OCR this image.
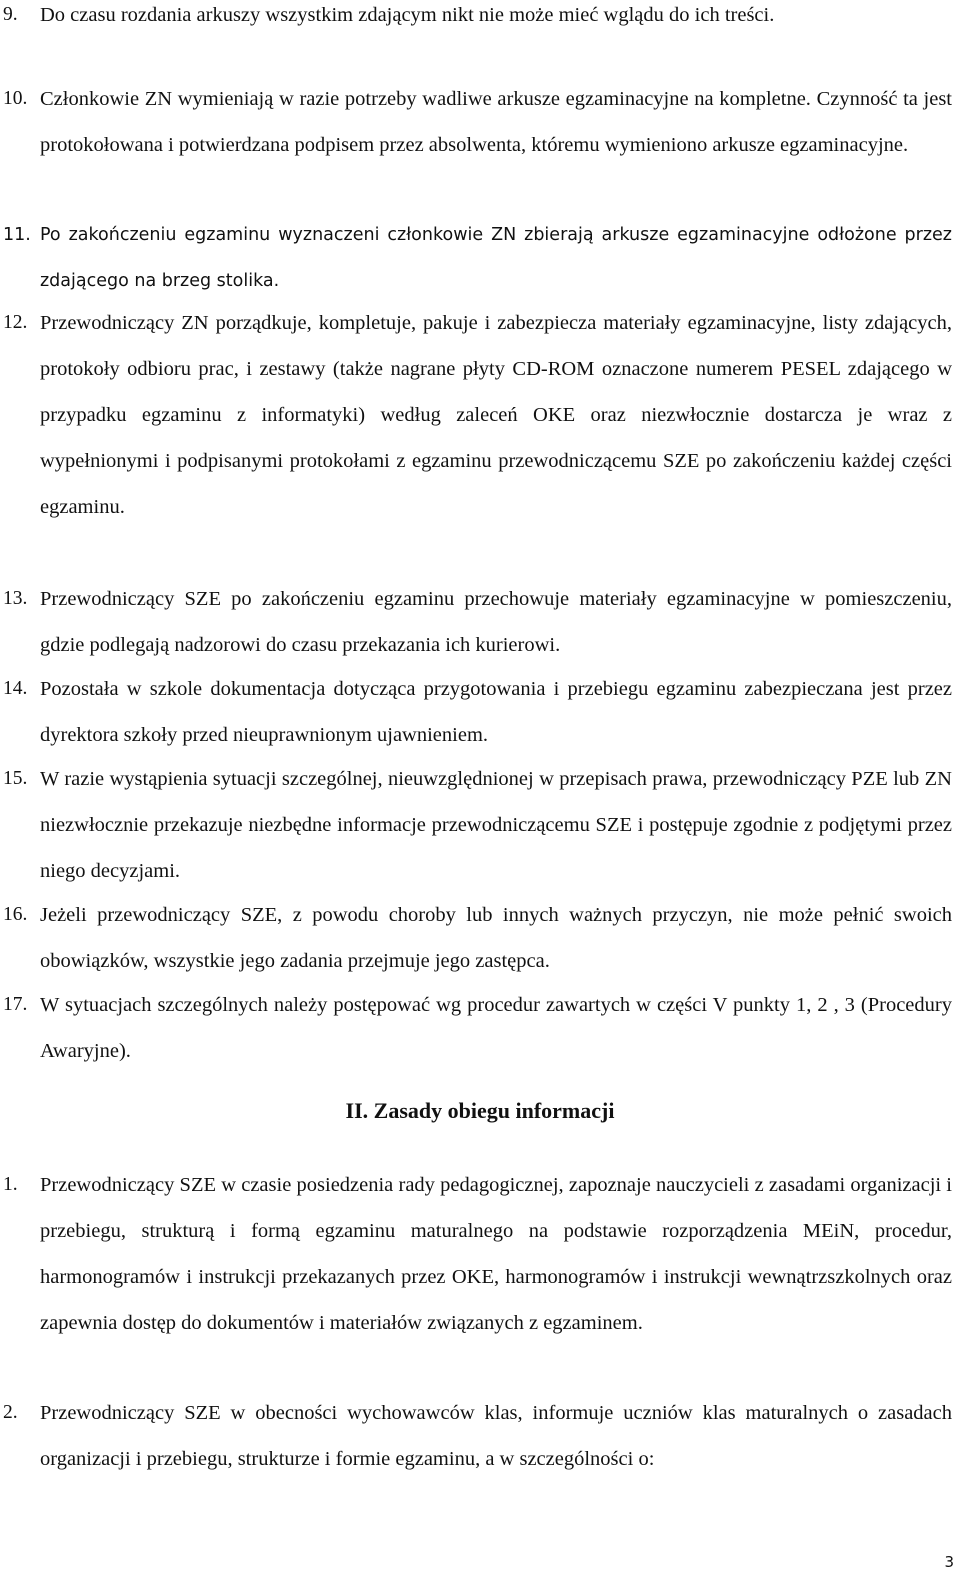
9.	Do czasu rozdania arkuszy wszystkim zdającym nikt nie może mieć wglądu do ich treści.
10. Członkowie ZN wymieniają w razie potrzeby wadliwe arkusze egzaminacyjne na kompletne. Czynność ta jest protokołowana i potwierdzana podpisem przez absolwenta, któremu wymieniono arkusze egzaminacyjne.
11. Po zakończeniu egzaminu wyznaczeni członkowie ZN zbierają arkusze egzaminacyjne odłożone przez zdającego na brzeg stolika.
12. Przewodniczący ZN porządkuje, kompletuje, pakuje i zabezpiecza materiały egzaminacyjne, listy zdających, protokoły odbioru prac, i zestawy (także nagrane płyty CD-ROM oznaczone numerem PESEL zdającego w przypadku egzaminu z informatyki) według zaleceń OKE oraz niezwłocznie dostarcza je wraz z wypełnionymi i podpisanymi protokołami z egzaminu przewodniczącemu SZE po zakończeniu każdej części egzaminu.
13. Przewodniczący SZE po zakończeniu egzaminu przechowuje materiały egzaminacyjne w pomieszczeniu, gdzie podlegają nadzorowi do czasu przekazania ich kurierowi.
14. Pozostała w szkole dokumentacja dotycząca przygotowania i przebiegu egzaminu zabezpieczana jest przez dyrektora szkoły przed nieuprawnionym ujawnieniem.
15. W razie wystąpienia sytuacji szczególnej, nieuwzględnionej w przepisach prawa, przewodniczący PZE lub ZN niezwłocznie przekazuje niezbędne informacje przewodniczącemu SZE i postępuje zgodnie z podjętymi przez niego decyzjami.
16. Jeżeli przewodniczący SZE, z powodu choroby lub innych ważnych przyczyn, nie może pełnić swoich obowiązków, wszystkie jego zadania przejmuje jego zastępca.
17. W sytuacjach szczególnych należy postępować wg procedur zawartych w części V punkty 1, 2 , 3 (Procedury Awaryjne).
II. Zasady obiegu informacji
1.	Przewodniczący SZE w czasie posiedzenia rady pedagogicznej, zapoznaje nauczycieli z zasadami organizacji i przebiegu, strukturą i formą egzaminu maturalnego na podstawie rozporządzenia MEiN, procedur, harmonogramów i instrukcji przekazanych przez OKE, harmonogramów i instrukcji wewnątrzszkolnych oraz zapewnia dostęp do dokumentów i materiałów związanych z egzaminem.
2.	Przewodniczący SZE w obecności wychowawców klas, informuje uczniów klas maturalnych o zasadach organizacji i przebiegu, strukturze i formie egzaminu, a w szczególności o:
3
